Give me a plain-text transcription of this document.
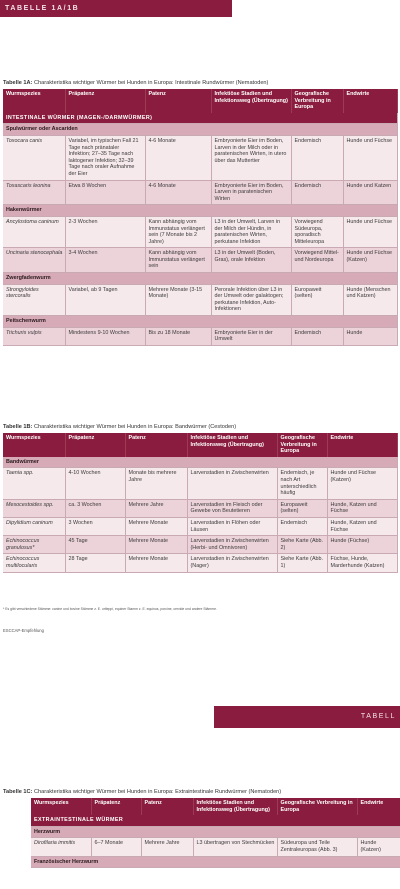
TABELLE 1A/1B
Tabelle 1A: Charakteristika wichtiger Würmer bei Hunden in Europa: Intestinale Rundwürmer (Nematoden)
Wurmspezies	Präpatenz	Patenz	Infektiöse Stadien und Infektionsweg (Übertragung)	Geografische Verbreitung in Europa	Endwirte
INTESTINALE WÜRMER (MAGEN-/DARMWÜRMER)					
Spulwürmer oder Ascariden					
Toxocara canis	Variabel, im typischen Fall 21 Tage nach pränataler Infektion; 27–35 Tage nach laktogener Infektion; 32–39 Tage nach oraler Aufnahme der Eier	4-6 Monate	Embryonierte Eier im Boden, Larven in der Milch oder in paratenischen Wirten, in utero über das Muttertier	Endemisch	Hunde und Füchse
Toxascaris leonina	Etwa 8 Wochen	4-6 Monate	Embryonierte Eier im Boden, Larven in paratenischen Wirten	Endemisch	Hunde und Katzen
Hakenwürmer					
Ancylostoma caninum	2-3 Wochen	Kann abhängig vom Immunstatus verlängert sein (7 Monate bis 2 Jahre)	L3 in der Umwelt, Larven in der Milch der Hündin, in paratenischen Wirten, perkutane Infektion	Vorwiegend Südeuropa, sporadisch Mitteleuropa	Hunde und Füchse
Uncinaria stenocephala	3-4 Wochen	Kann abhängig vom Immunstatus verlängert sein	L3 in der Umwelt (Boden, Gras), orale Infektion	Vorwiegend Mittel- und Nordeuropa	Hunde und Füchse (Katzen)
Zwergfadenwurm					
Strongyloides stercoralis	Variabel, ab 9 Tagen	Mehrere Monate (3-15 Monate)	Perorale Infektion über L3 in der Umwelt oder galaktogen; perkutane Infektion, Auto-Infektionen	Europaweit (selten)	Hunde (Menschen und Katzen)
Peitschenwurm					
Trichuris vulpis	Mindestens 9-10 Wochen	Bis zu 18 Monate	Embryonierte Eier in der Umwelt	Endemisch	Hunde
Tabelle 1B: Charakteristika wichtiger Würmer bei Hunden in Europa: Bandwürmer (Cestoden)
Wurmspezies	Präpatenz	Patenz	Infektiöse Stadien und Infektionsweg (Übertragung)	Geografische Verbreitung in Europa	Endwirte
Bandwürmer					
Taenia spp.	4-10 Wochen	Monate bis mehrere Jahre	Larvenstadien in Zwischenwirten	Endemisch, je nach Art unterschiedlich häufig	Hunde und Füchse (Katzen)
Mesocestoides spp.	ca. 3 Wochen	Mehrere Jahre	Larvenstadien im Fleisch oder Gewebe von Beutetieren	Europaweit (selten)	Hunde, Katzen und Füchse
Dipylidium caninum	3 Wochen	Mehrere Monate	Larvenstadien in Flöhen oder Läusen	Endemisch	Hunde, Katzen und Füchse
Echinococcus granulosus*	45 Tage	Mehrere Monate	Larvenstadien in Zwischenwirten (Herbi- und Omnivoren)	Siehe Karte (Abb. 2)	Hunde (Füchse)
Echinococcus multilocularis	28 Tage	Mehrere Monate	Larvenstadien in Zwischenwirten (Nager)	Siehe Karte (Abb. 1)	Füchse, Hunde, Marderhunde (Katzen)
* Es gibt verschiedene Stämme: canine und bovine Stämme z. E. ortleppi, equiner Stamm z. E. equinus, porcine, cervide und andere Stämme.
ESCCAP-Empfehlung
TABELL
Tabelle 1C: Charakteristika wichtiger Würmer bei Hunden in Europa: Extraintestinale Rundwürmer (Nematoden)
Wurmspezies	Präpatenz	Patenz	Infektiöse Stadien und Infektionsweg (Übertragung)	Geografische Verbreitung in Europa	Endwirte
EXTRAINTESTINALE WÜRMER					
Herzwurm					
Dirofilaria immitis	6–7 Monate	Mehrere Jahre	L3 übertragen von Stechmücken	Südeuropa und Teile Zentraleuropas (Abb. 3)	Hunde (Katzen)
Französischer Herzwurm					
